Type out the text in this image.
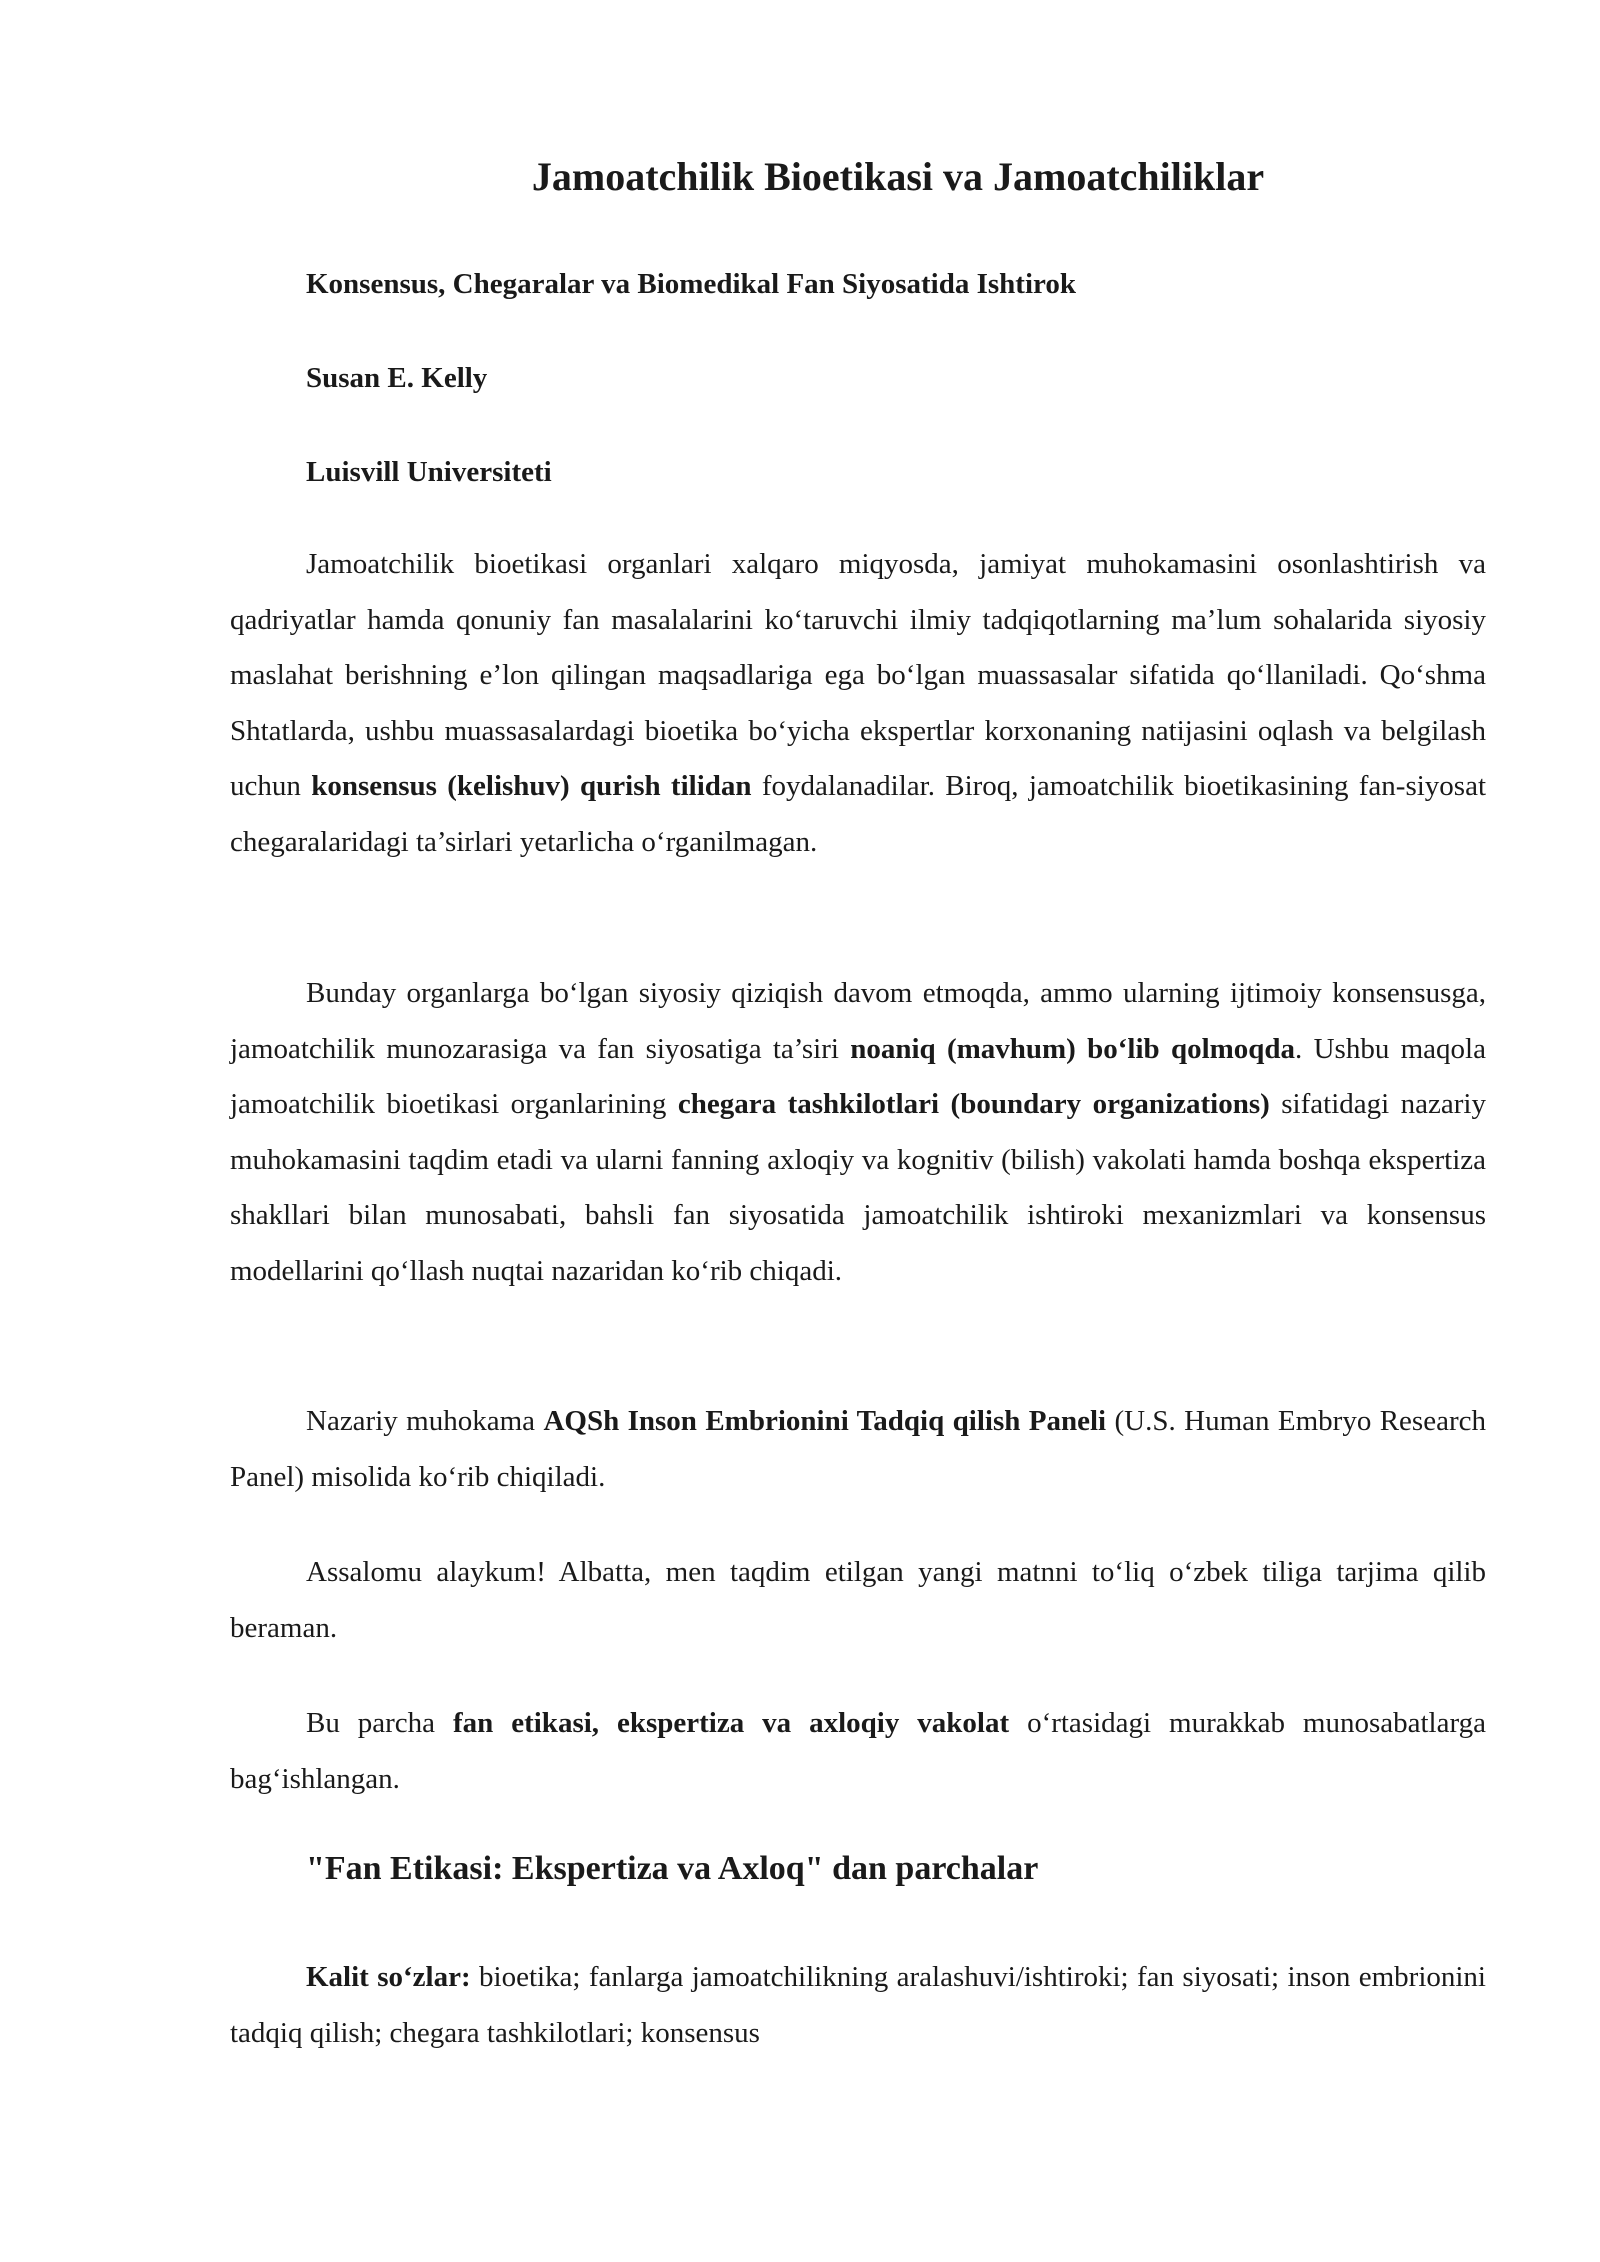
Jamoatchilik Bioetikasi va Jamoatchiliklar

Konsensus, Chegaralar va Biomedikal Fan Siyosatida Ishtirok

Susan E. Kelly

Luisvill Universiteti

Jamoatchilik bioetikasi organlari xalqaro miqyosda, jamiyat muhokamasini osonlashtirish va qadriyatlar hamda qonuniy fan masalalarini ko‘taruvchi ilmiy tadqiqotlarning ma’lum sohalarida siyosiy maslahat berishning e’lon qilingan maqsadlariga ega bo‘lgan muassasalar sifatida qo‘llaniladi. Qo‘shma Shtatlarda, ushbu muassasalardagi bioetika bo‘yicha ekspertlar korxonaning natijasini oqlash va belgilash uchun konsensus (kelishuv) qurish tilidan foydalanadilar. Biroq, jamoatchilik bioetikasining fan-siyosat chegaralaridagi ta’sirlari yetarlicha o‘rganilmagan.

Bunday organlarga bo‘lgan siyosiy qiziqish davom etmoqda, ammo ularning ijtimoiy konsensusga, jamoatchilik munozarasiga va fan siyosatiga ta’siri noaniq (mavhum) bo‘lib qolmoqda. Ushbu maqola jamoatchilik bioetikasi organlarining chegara tashkilotlari (boundary organizations) sifatidagi nazariy muhokamasini taqdim etadi va ularni fanning axloqiy va kognitiv (bilish) vakolati hamda boshqa ekspertiza shakllari bilan munosabati, bahsli fan siyosatida jamoatchilik ishtiroki mexanizmlari va konsensus modellarini qo‘llash nuqtai nazaridan ko‘rib chiqadi.

Nazariy muhokama AQSh Inson Embrionini Tadqiq qilish Paneli (U.S. Human Embryo Research Panel) misolida ko‘rib chiqiladi.

Assalomu alaykum! Albatta, men taqdim etilgan yangi matnni to‘liq o‘zbek tiliga tarjima qilib beraman.

Bu parcha fan etikasi, ekspertiza va axloqiy vakolat o‘rtasidagi murakkab munosabatlarga bag‘ishlangan.

"Fan Etikasi: Ekspertiza va Axloq" dan parchalar

Kalit so‘zlar: bioetika; fanlarga jamoatchilikning aralashuvi/ishtiroki; fan siyosati; inson embrionini tadqiq qilish; chegara tashkilotlari; konsensus
